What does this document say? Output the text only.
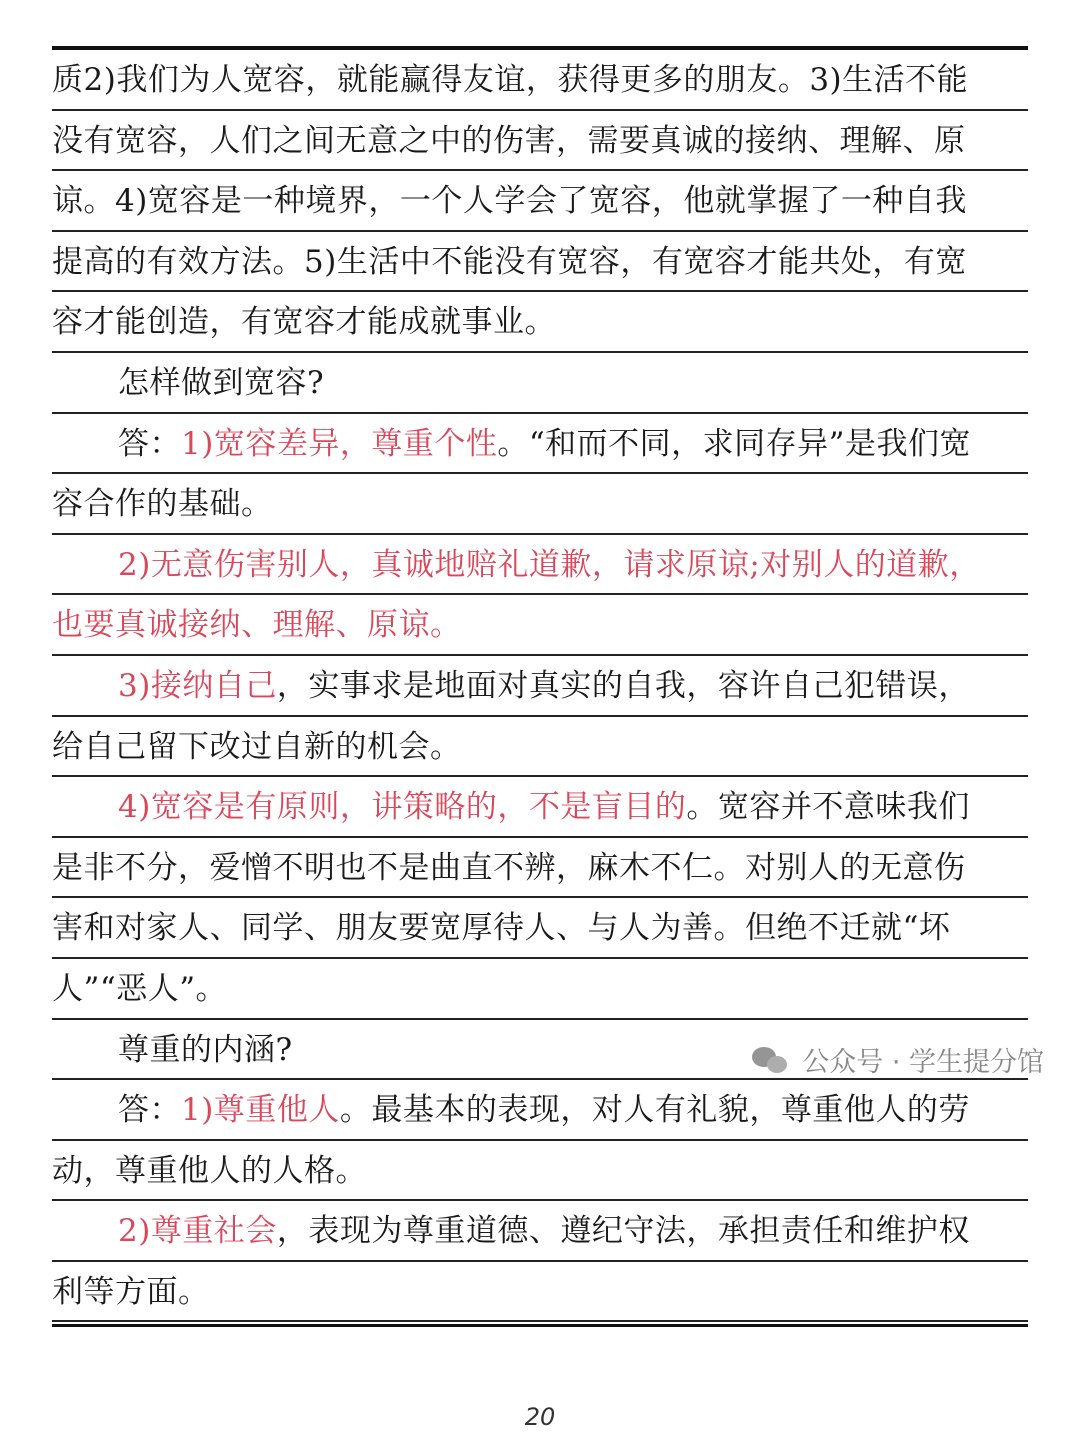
质2)我们为人宽容，就能赢得友谊，获得更多的朋友。3)生活不能
没有宽容，人们之间无意之中的伤害，需要真诚的接纳、理解、原
谅。4)宽容是一种境界，一个人学会了宽容，他就掌握了一种自我
提高的有效方法。5)生活中不能没有宽容，有宽容才能共处，有宽
容才能创造，有宽容才能成就事业。
怎样做到宽容?
答：1)宽容差异，尊重个性。“和而不同，求同存异”是我们宽
容合作的基础。
2)无意伤害别人，真诚地赔礼道歉，请求原谅;对别人的道歉，
也要真诚接纳、理解、原谅。
3)接纳自己，实事求是地面对真实的自我，容许自己犯错误，
给自己留下改过自新的机会。
4)宽容是有原则，讲策略的，不是盲目的。宽容并不意味我们
是非不分，爱憎不明也不是曲直不辨，麻木不仁。对别人的无意伤
害和对家人、同学、朋友要宽厚待人、与人为善。但绝不迁就“坏
人”“恶人”。
尊重的内涵?
答：1)尊重他人。最基本的表现，对人有礼貌，尊重他人的劳
动，尊重他人的人格。
2)尊重社会，表现为尊重道德、遵纪守法，承担责任和维护权
利等方面。
公众号 · 学生提分馆
20
